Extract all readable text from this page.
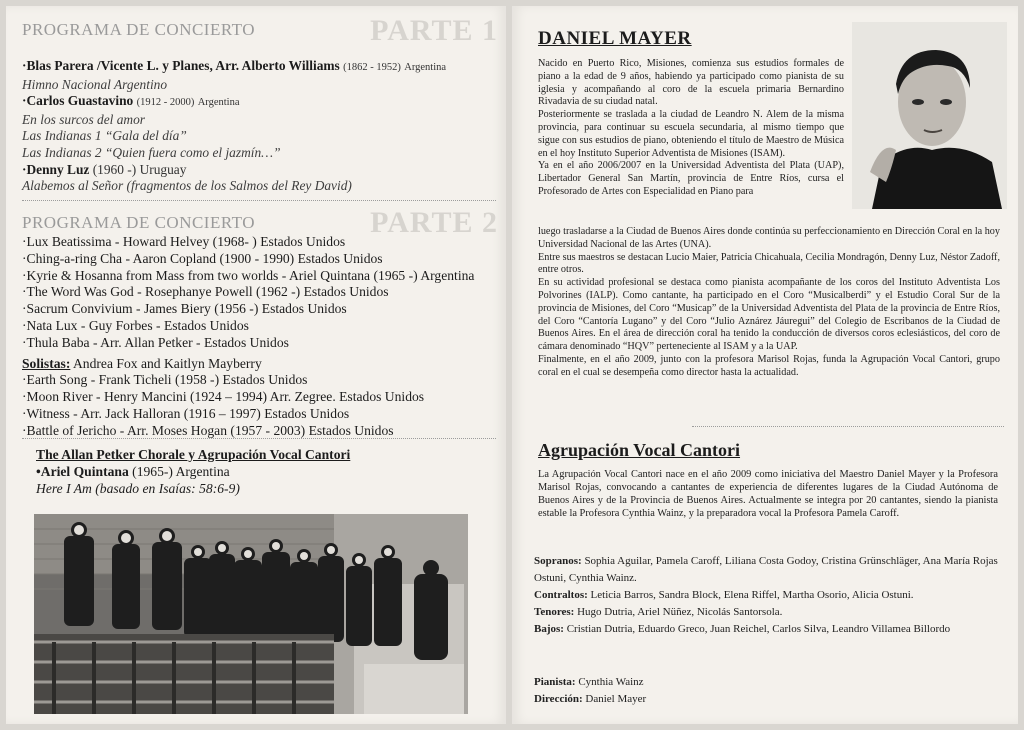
PROGRAMA DE CONCIERTO	PARTE 1
·Blas Parera /Vicente L. y Planes, Arr. Alberto Williams (1862 - 1952) Argentina
Himno Nacional Argentino
·Carlos Guastavino (1912 - 2000) Argentina
En los surcos del amor
Las Indianas 1 “Gala del día”
Las Indianas 2 “Quien fuera como el jazmín…”
·Denny Luz (1960 -) Uruguay
Alabemos al Señor (fragmentos de los Salmos del Rey David)
PROGRAMA DE CONCIERTO	PARTE 2
·Lux Beatissima - Howard Helvey (1968- ) Estados Unidos
·Ching-a-ring Cha - Aaron Copland (1900 - 1990) Estados Unidos
·Kyrie & Hosanna from Mass from two worlds - Ariel Quintana (1965 -) Argentina
·The Word Was God - Rosephanye Powell (1962 -) Estados Unidos
·Sacrum Convivium - James Biery (1956 -) Estados Unidos
·Nata Lux - Guy Forbes - Estados Unidos
·Thula Baba - Arr. Allan Petker - Estados Unidos
Solistas: Andrea Fox and Kaitlyn Mayberry
·Earth Song - Frank Ticheli (1958 -) Estados Unidos
·Moon River - Henry Mancini (1924 – 1994) Arr. Zegree. Estados Unidos
·Witness - Arr. Jack Halloran (1916 – 1997) Estados Unidos
·Battle of Jericho - Arr. Moses Hogan (1957 - 2003) Estados Unidos
The Allan Petker Chorale y Agrupación Vocal Cantori
•Ariel Quintana (1965-) Argentina
Here I Am (basado en Isaías: 58:6-9)
DANIEL MAYER

Nacido en Puerto Rico, Misiones, comienza sus estudios formales de piano a la edad de 9 años, habiendo ya participado como pianista de su iglesia y acompañando al coro de la escuela primaria Bernardino Rivadavia de su ciudad natal.

Posteriormente se traslada a la ciudad de Leandro N. Alem de la misma provincia, para continuar su escuela secundaria, al mismo tiempo que sigue con sus estudios de piano, obteniendo el título de Maestro de Música en el hoy Instituto Superior Adventista de Misiones (ISAM).

Ya en el año 2006/2007 en la Universidad Adventista del Plata (UAP), Libertador General San Martín, provincia de Entre Ríos, cursa el Profesorado de Artes con Especialidad en Piano para

luego trasladarse a la Ciudad de Buenos Aires donde continúa su perfeccionamiento en Dirección Coral en la hoy Universidad Nacional de las Artes (UNA).

Entre sus maestros se destacan Lucio Maier, Patricia Chicahuala, Cecilia Mondragón, Denny Luz, Néstor Zadoff, entre otros.

En su actividad profesional se destaca como pianista acompañante de los coros del Instituto Adventista Los Polvorines (IALP). Como cantante, ha participado en el Coro “Musicalberdi” y el Estudio Coral Sur de la provincia de Misiones, del Coro “Musicap” de la Universidad Adventista del Plata de la provincia de Entre Ríos, del Coro “Cantoría Lugano” y del Coro “Julio Aznárez Jáuregui” del Colegio de Escribanos de la Ciudad de Buenos Aires. En el área de dirección coral ha tenido la conducción de diversos coros eclesiásticos, del coro de cámara denominado “HQV” perteneciente al ISAM y a la UAP.

Finalmente, en el año 2009, junto con la profesora Marisol Rojas, funda la Agrupación Vocal Cantori, grupo coral en el cual se desempeña como director hasta la actualidad.

Agrupación Vocal Cantori
La Agrupación Vocal Cantori nace en el año 2009 como iniciativa del Maestro Daniel Mayer y la Profesora Marisol Rojas, convocando a cantantes de experiencia de diferentes lugares de la Ciudad Autónoma de Buenos Aires y de la Provincia de Buenos Aires. Actualmente se integra por 20 cantantes, siendo la pianista estable la Profesora Cynthia Wainz, y la preparadora vocal la Profesora Pamela Caroff.
Sopranos: Sophia Aguilar, Pamela Caroff, Liliana Costa Godoy, Cristina Grünschläger, Ana María Rojas Ostuni, Cynthia Wainz.
Contraltos: Leticia Barros, Sandra Block, Elena Riffel, Martha Osorio, Alicia Ostuni.
Tenores: Hugo Dutria, Ariel Nüñez, Nicolás Santorsola.
Bajos: Cristian Dutria, Eduardo Greco, Juan Reichel, Carlos Silva, Leandro Villamea Billordo
Pianista: Cynthia Wainz
Dirección: Daniel Mayer
